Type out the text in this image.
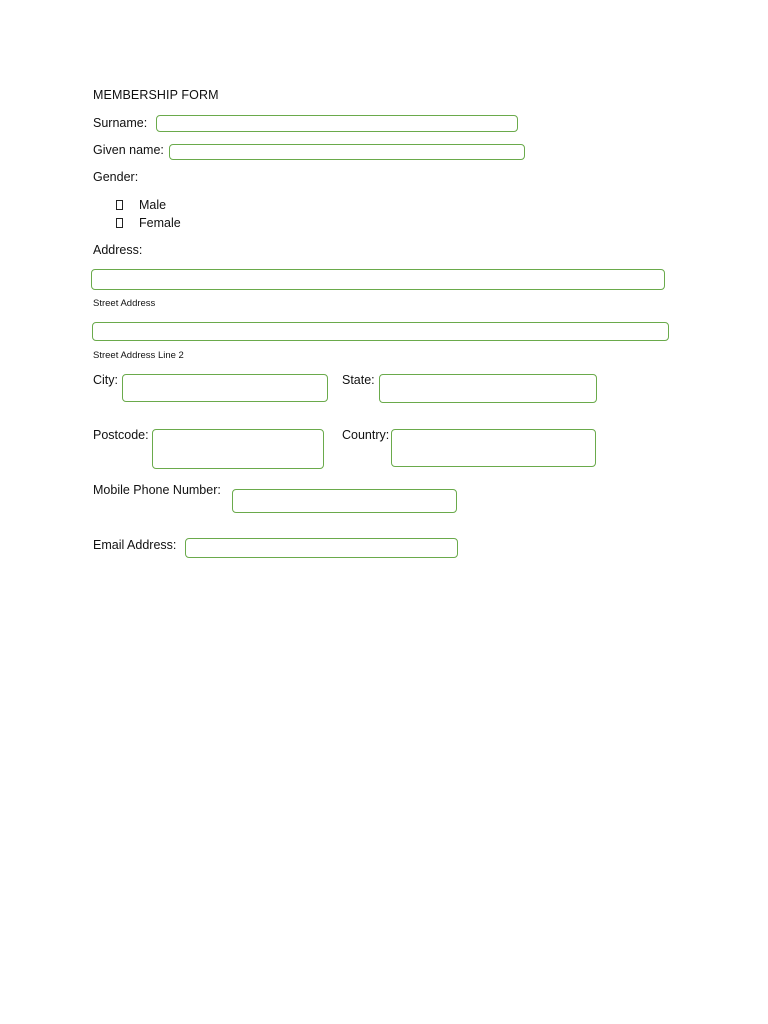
MEMBERSHIP FORM
Surname:
Given name:
Gender:
Male
Female
Address:
Street Address
Street Address Line 2
City:	State:
Postcode:	Country:
Mobile Phone Number:
Email Address:
